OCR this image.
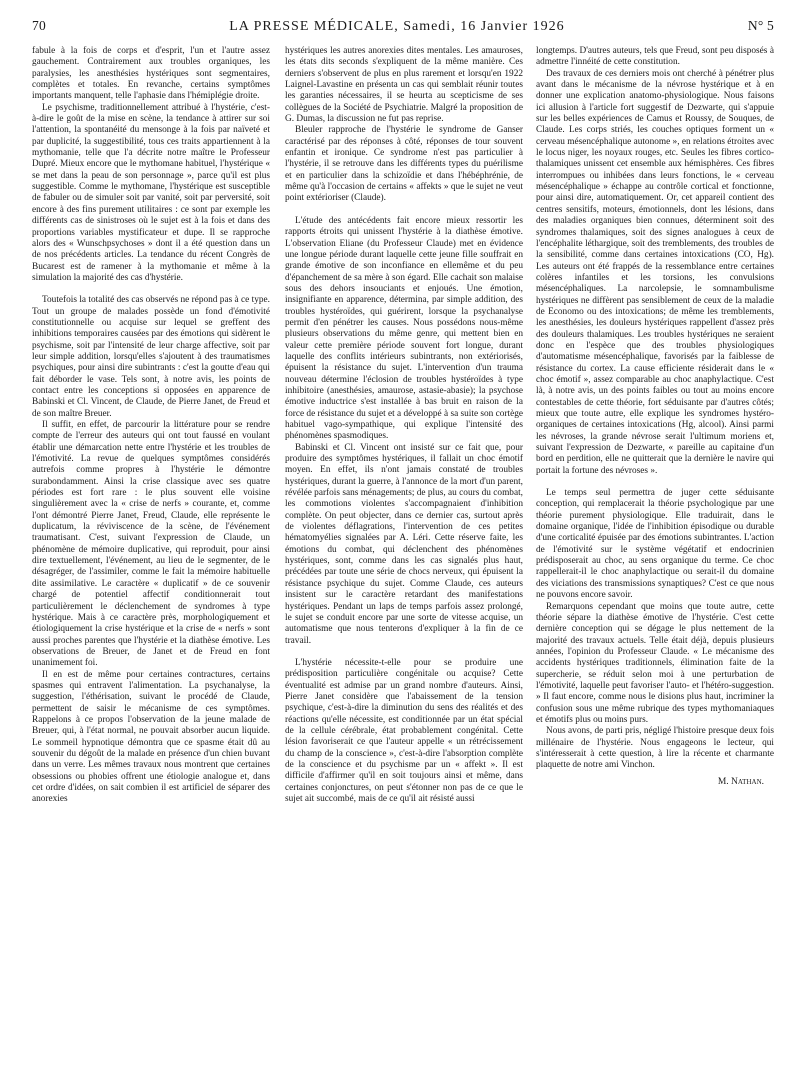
70	LA PRESSE MÉDICALE, Samedi, 16 Janvier 1926	N° 5

fabule à la fois de corps et d'esprit, l'un et l'autre assez gauchement. Contrairement aux troubles organiques, les paralysies, les anesthésies hystériques sont segmentaires, complètes et totales. En revanche, certains symptômes importants manquent, telle l'aphasie dans l'hémiplégie droite.

Le psychisme, traditionnellement attribué à l'hystérie, c'est-à-dire le goût de la mise en scène, la tendance à attirer sur soi l'attention, la spontanéité du mensonge à la fois par naïveté et par duplicité, la suggestibilité, tous ces traits appartiennent à la mythomanie, telle que l'a décrite notre maître le Professeur Dupré. Mieux encore que le mythomane habituel, l'hystérique « se met dans la peau de son personnage », parce qu'il est plus suggestible. Comme le mythomane, l'hystérique est susceptible de fabuler ou de simuler soit par vanité, soit par perversité, soit encore à des fins purement utilitaires : ce sont par exemple les différents cas de sinistroses où le sujet est à la fois et dans des proportions variables mystificateur et dupe. Il se rapproche alors des « Wunschpsychoses » dont il a été question dans un de nos précédents articles. La tendance du récent Congrès de Bucarest est de ramener à la mythomanie et même à la simulation la majorité des cas d'hystérie.

Toutefois la totalité des cas observés ne répond pas à ce type. Tout un groupe de malades possède un fond d'émotivité constitutionnelle ou acquise sur lequel se greffent des inhibitions temporaires causées par des émotions qui sidèrent le psychisme, soit par l'intensité de leur charge affective, soit par leur simple addition, lorsqu'elles s'ajoutent à des traumatismes psychiques, pour ainsi dire subintrants : c'est la goutte d'eau qui fait déborder le vase. Tels sont, à notre avis, les points de contact entre les conceptions si opposées en apparence de Babinski et Cl. Vincent, de Claude, de Pierre Janet, de Freud et de son maître Breuer.

Il suffit, en effet, de parcourir la littérature pour se rendre compte de l'erreur des auteurs qui ont tout faussé en voulant établir une démarcation nette entre l'hystérie et les troubles de l'émotivité. La revue de quelques symptômes considérés autrefois comme propres à l'hystérie le démontre surabondamment. Ainsi la crise classique avec ses quatre périodes est fort rare : le plus souvent elle voisine singulièrement avec la « crise de nerfs » courante, et, comme l'ont démontré Pierre Janet, Freud, Claude, elle représente le duplicatum, la réviviscence de la scène, de l'événement traumatisant. C'est, suivant l'expression de Claude, un phénomène de mémoire duplicative, qui reproduit, pour ainsi dire textuellement, l'événement, au lieu de le segmenter, de le désagréger, de l'assimiler, comme le fait la mémoire habituelle dite assimilative. Le caractère « duplicatif » de ce souvenir chargé de potentiel affectif conditionnerait tout particulièrement le déclenchement de syndromes à type hystérique. Mais à ce caractère près, morphologiquement et étiologiquement la crise hystérique et la crise de « nerfs » sont aussi proches parentes que l'hystérie et la diathèse émotive. Les observations de Breuer, de Janet et de Freud en font unanimement foi.

Il en est de même pour certaines contractures, certains spasmes qui entravent l'alimentation. La psychanalyse, la suggestion, l'éthérisation, suivant le procédé de Claude, permettent de saisir le mécanisme de ces symptômes. Rappelons à ce propos l'observation de la jeune malade de Breuer, qui, à l'état normal, ne pouvait absorber aucun liquide. Le sommeil hypnotique démontra que ce spasme était dû au souvenir du dégoût de la malade en présence d'un chien buvant dans un verre. Les mêmes travaux nous montrent que certaines obsessions ou phobies offrent une étiologie analogue et, dans cet ordre d'idées, on sait combien il est artificiel de séparer des anorexies

hystériques les autres anorexies dites mentales. Les amauroses, les états dits seconds s'expliquent de la même manière. Ces derniers s'observent de plus en plus rarement et lorsqu'en 1922 Laignel-Lavastine en présenta un cas qui semblait réunir toutes les garanties nécessaires, il se heurta au scepticisme de ses collègues de la Société de Psychiatrie. Malgré la proposition de G. Dumas, la discussion ne fut pas reprise.

Bleuler rapproche de l'hystérie le syndrome de Ganser caractérisé par des réponses à côté, réponses de tour souvent enfantin et ironique. Ce syndrome n'est pas particulier à l'hystérie, il se retrouve dans les différents types du puérilisme et en particulier dans la schizoïdie et dans l'hébéphrénie, de même qu'à l'occasion de certains « affekts » que le sujet ne veut point extérioriser (Claude).

L'étude des antécédents fait encore mieux ressortir les rapports étroits qui unissent l'hystérie à la diathèse émotive. L'observation Eliane (du Professeur Claude) met en évidence une longue période durant laquelle cette jeune fille souffrait en grande émotive de son inconfiance en ellemême et du peu d'épanchement de sa mère à son égard. Elle cachait son malaise sous des dehors insouciants et enjoués. Une émotion, insignifiante en apparence, détermina, par simple addition, des troubles hystéroïdes, qui guérirent, lorsque la psychanalyse permit d'en pénétrer les causes. Nous possédons nous-même plusieurs observations du même genre, qui mettent bien en valeur cette première période souvent fort longue, durant laquelle des conflits intérieurs subintrants, non extériorisés, épuisent la résistance du sujet. L'intervention d'un trauma nouveau détermine l'éclosion de troubles hystéroïdes à type inhibitoire (anesthésies, amaurose, astasie-abasie); la psychose émotive inductrice s'est installée à bas bruit en raison de la force de résistance du sujet et a développé à sa suite son cortège habituel vago-sympathique, qui explique l'intensité des phénomènes spasmodiques.

Babinski et Cl. Vincent ont insisté sur ce fait que, pour produire des symptômes hystériques, il fallait un choc émotif moyen. En effet, ils n'ont jamais constaté de troubles hystériques, durant la guerre, à l'annonce de la mort d'un parent, révélée parfois sans ménagements; de plus, au cours du combat, les commotions violentes s'accompagnaient d'inhibition complète. On peut objecter, dans ce dernier cas, surtout après de violentes déflagrations, l'intervention de ces petites hématomyélies signalées par A. Léri. Cette réserve faite, les émotions du combat, qui déclenchent des phénomènes hystériques, sont, comme dans les cas signalés plus haut, précédées par toute une série de chocs nerveux, qui épuisent la résistance psychique du sujet. Comme Claude, ces auteurs insistent sur le caractère retardant des manifestations hystériques. Pendant un laps de temps parfois assez prolongé, le sujet se conduit encore par une sorte de vitesse acquise, un automatisme que nous tenterons d'expliquer à la fin de ce travail.

L'hystérie nécessite-t-elle pour se produire une prédisposition particulière congénitale ou acquise? Cette éventualité est admise par un grand nombre d'auteurs. Ainsi, Pierre Janet considère que l'abaissement de la tension psychique, c'est-à-dire la diminution du sens des réalités et des réactions qu'elle nécessite, est conditionnée par un état spécial de la cellule cérébrale, état probablement congénital. Cette lésion favoriserait ce que l'auteur appelle « un rétrécissement du champ de la conscience », c'est-à-dire l'absorption complète de la conscience et du psychisme par un « affekt ». Il est difficile d'affirmer qu'il en soit toujours ainsi et même, dans certaines conjonctures, on peut s'étonner non pas de ce que le sujet ait succombé, mais de ce qu'il ait résisté aussi

longtemps. D'autres auteurs, tels que Freud, sont peu disposés à admettre l'innéité de cette constitution.

Des travaux de ces derniers mois ont cherché à pénétrer plus avant dans le mécanisme de la névrose hystérique et à en donner une explication anatomo-physiologique. Nous faisons ici allusion à l'article fort suggestif de Dezwarte, qui s'appuie sur les belles expériences de Camus et Roussy, de Souques, de Claude. Les corps striés, les couches optiques forment un « cerveau mésencéphalique autonome », en relations étroites avec le locus niger, les noyaux rouges, etc. Seules les fibres cortico-thalamiques unissent cet ensemble aux hémisphères. Ces fibres interrompues ou inhibées dans leurs fonctions, le « cerveau mésencéphalique » échappe au contrôle cortical et fonctionne, pour ainsi dire, automatiquement. Or, cet appareil contient des centres sensitifs, moteurs, émotionnels, dont les lésions, dans des maladies organiques bien connues, déterminent soit des syndromes thalamiques, soit des signes analogues à ceux de l'encéphalite léthargique, soit des tremblements, des troubles de la sensibilité, comme dans certaines intoxications (CO, Hg). Les auteurs ont été frappés de la ressemblance entre certaines colères infantiles et les torsions, les convulsions mésencéphaliques. La narcolepsie, le somnambulisme hystériques ne diffèrent pas sensiblement de ceux de la maladie de Economo ou des intoxications; de même les tremblements, les anesthésies, les douleurs hystériques rappellent d'assez près des douleurs thalamiques. Les troubles hystériques ne seraient donc en l'espèce que des troubles physiologiques d'automatisme mésencéphalique, favorisés par la faiblesse de résistance du cortex. La cause efficiente résiderait dans le « choc émotif », assez comparable au choc anaphylactique. C'est là, à notre avis, un des points faibles ou tout au moins encore contestables de cette théorie, fort séduisante par d'autres côtés; mieux que toute autre, elle explique les syndromes hystéro-organiques de certaines intoxications (Hg, alcool). Ainsi parmi les névroses, la grande névrose serait l'ultimum moriens et, suivant l'expression de Dezwarte, « pareille au capitaine d'un bord en perdition, elle ne quitterait que la dernière le navire qui portait la fortune des névroses ».

Le temps seul permettra de juger cette séduisante conception, qui remplacerait la théorie psychologique par une théorie purement physiologique. Elle traduirait, dans le domaine organique, l'idée de l'inhibition épisodique ou durable d'une corticalité épuisée par des émotions subintrantes. L'action de l'émotivité sur le système végétatif et endocrinien prédisposerait au choc, au sens organique du terme. Ce choc rappellerait-il le choc anaphylactique ou serait-il du domaine des viciations des transmissions synaptiques? C'est ce que nous ne pouvons encore savoir.

Remarquons cependant que moins que toute autre, cette théorie sépare la diathèse émotive de l'hystérie. C'est cette dernière conception qui se dégage le plus nettement de la majorité des travaux actuels. Telle était déjà, depuis plusieurs années, l'opinion du Professeur Claude. « Le mécanisme des accidents hystériques traditionnels, élimination faite de la supercherie, se réduit selon moi à une perturbation de l'émotivité, laquelle peut favoriser l'auto- et l'hétéro-suggestion. » Il faut encore, comme nous le disions plus haut, incriminer la confusion sous une même rubrique des types mythomaniaques et émotifs plus ou moins purs.

Nous avons, de parti pris, négligé l'histoire presque deux fois millénaire de l'hystérie. Nous engageons le lecteur, qui s'intéresserait à cette question, à lire la récente et charmante plaquette de notre ami Vinchon.

M. Nathan.
